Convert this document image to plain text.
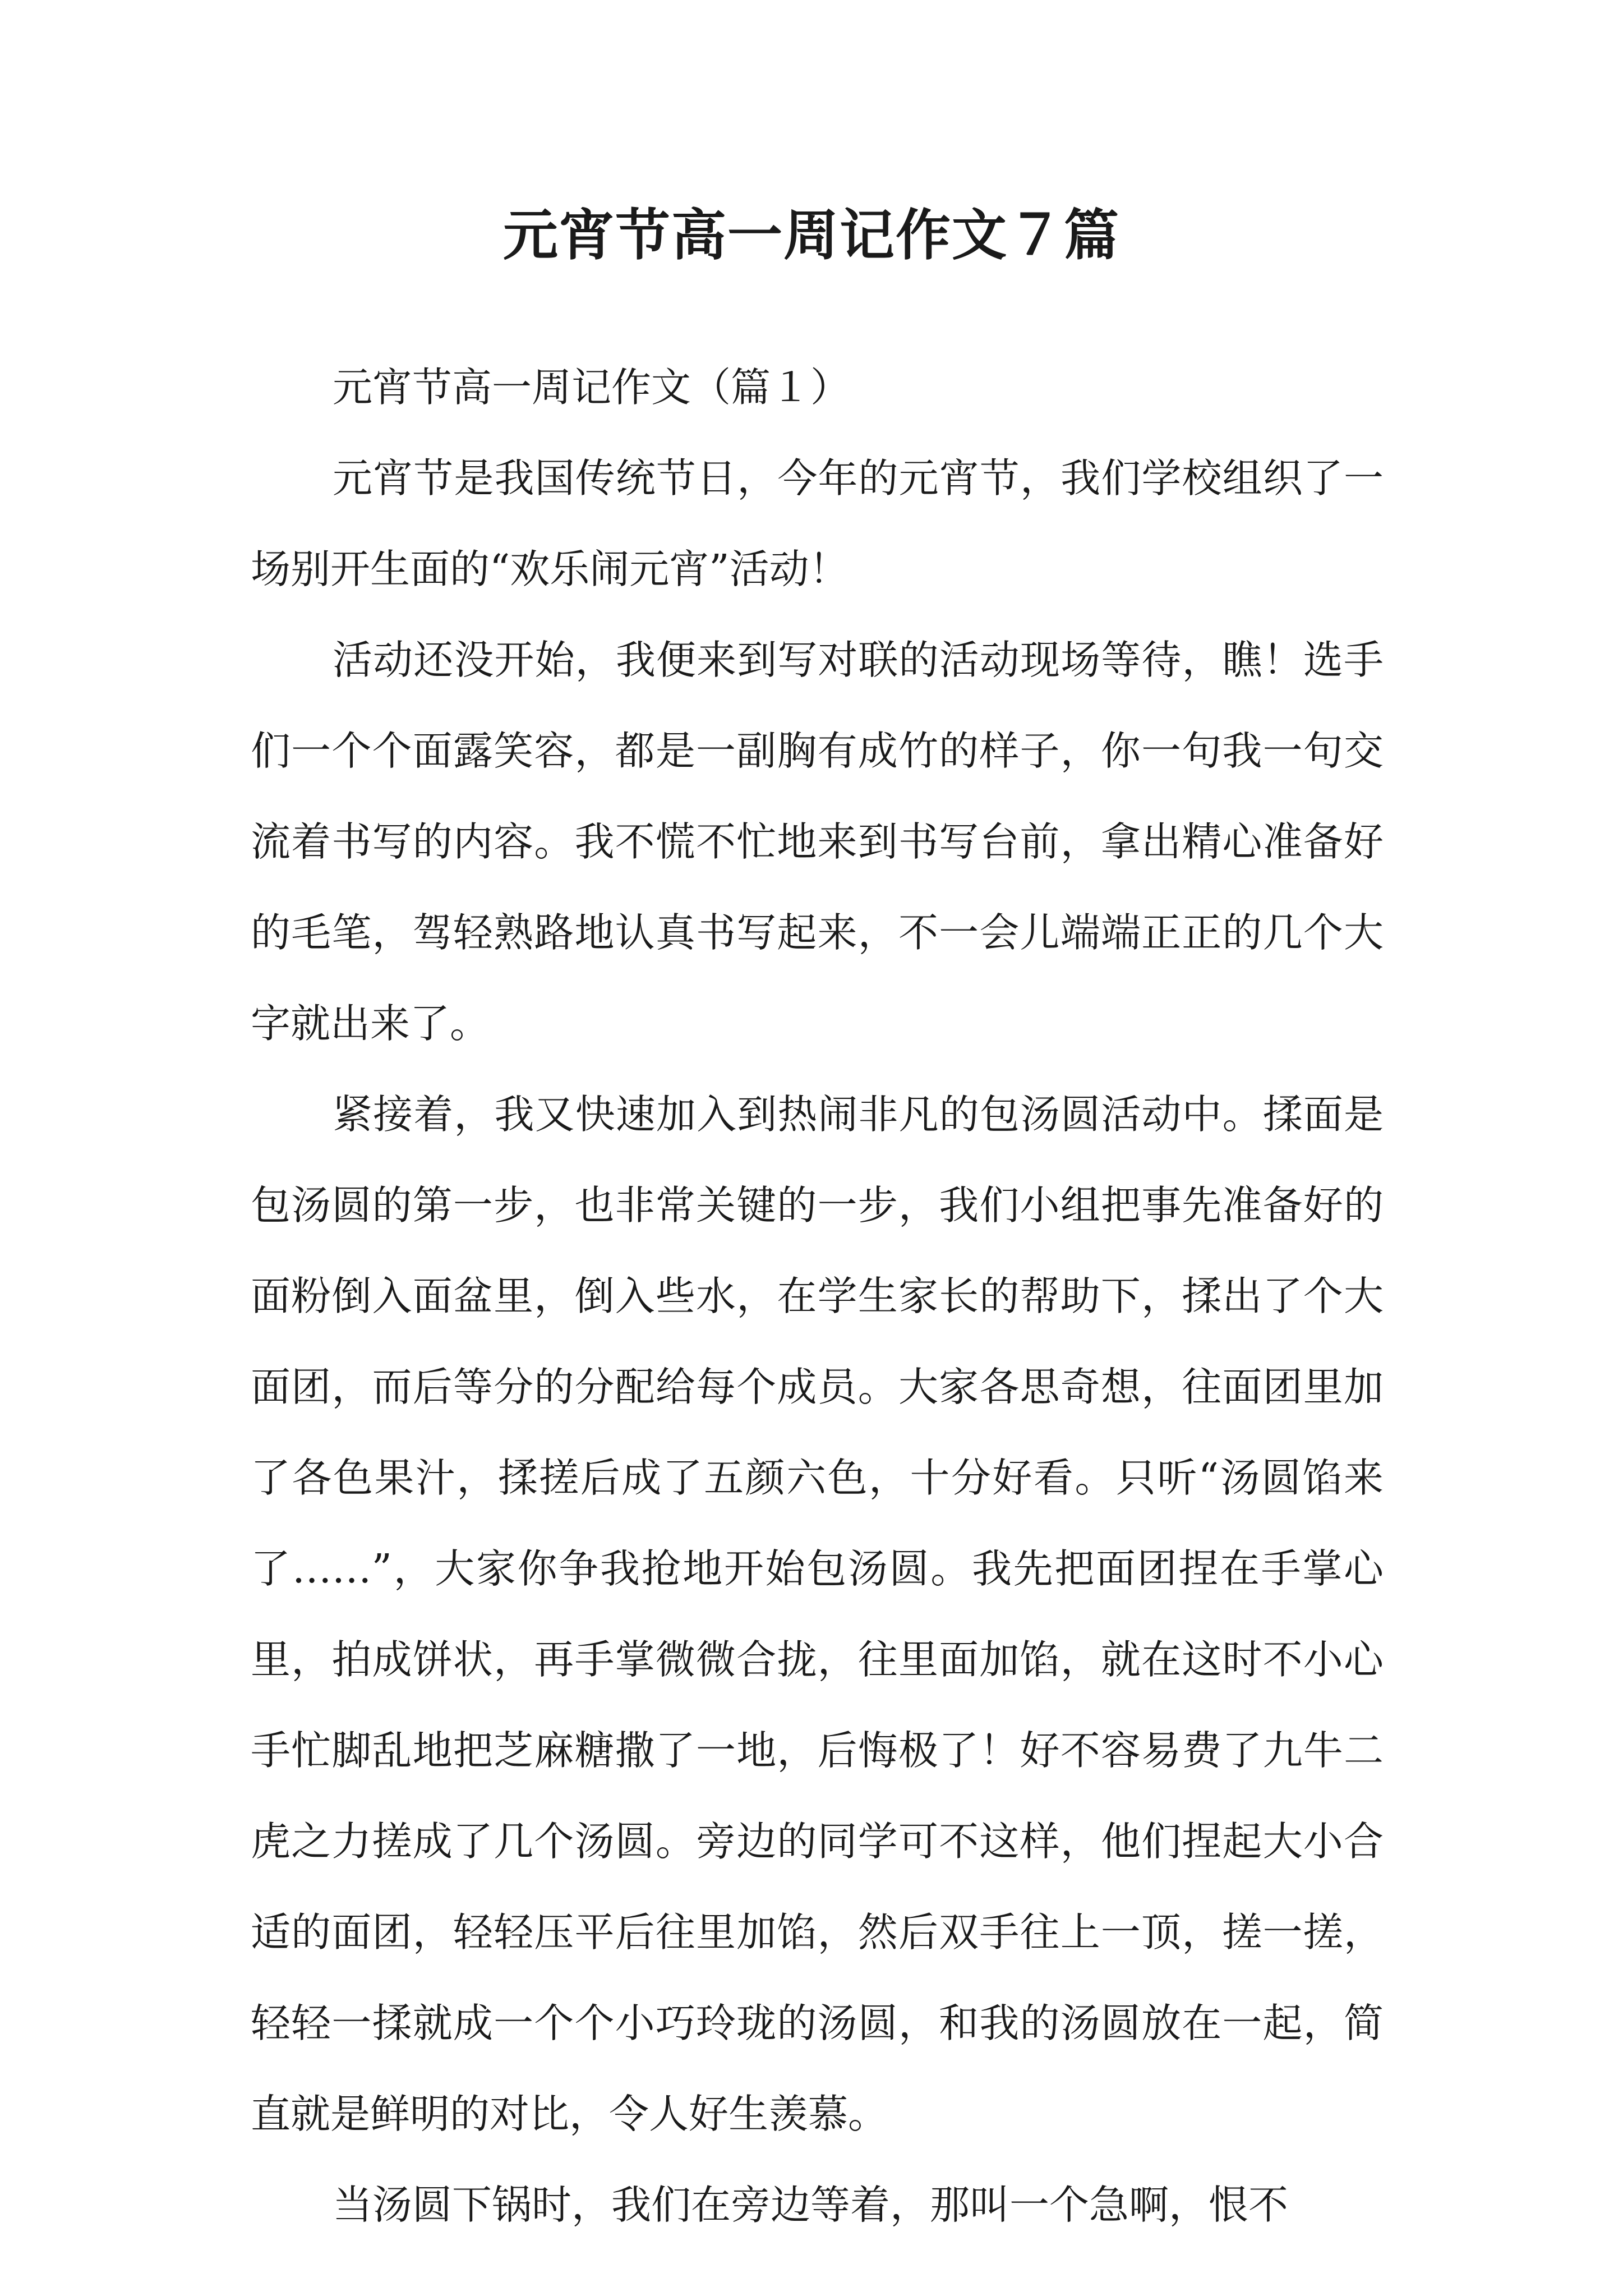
元宵节高一周记作文７篇

元宵节高一周记作文（篇１）

元宵节是我国传统节日，今年的元宵节，我们学校组织了一场别开生面的“欢乐闹元宵”活动！

活动还没开始，我便来到写对联的活动现场等待，瞧！选手们一个个面露笑容，都是一副胸有成竹的样子，你一句我一句交流着书写的内容。我不慌不忙地来到书写台前，拿出精心准备好的毛笔，驾轻熟路地认真书写起来，不一会儿端端正正的几个大字就出来了。

紧接着，我又快速加入到热闹非凡的包汤圆活动中。揉面是包汤圆的第一步，也非常关键的一步，我们小组把事先准备好的面粉倒入面盆里，倒入些水，在学生家长的帮助下，揉出了个大面团，而后等分的分配给每个成员。大家各思奇想，往面团里加了各色果汁，揉搓后成了五颜六色，十分好看。只听“汤圆馅来了……”，大家你争我抢地开始包汤圆。我先把面团捏在手掌心里，拍成饼状，再手掌微微合拢，往里面加馅，就在这时不小心手忙脚乱地把芝麻糖撒了一地，后悔极了！好不容易费了九牛二虎之力搓成了几个汤圆。旁边的同学可不这样，他们捏起大小合适的面团，轻轻压平后往里加馅，然后双手往上一顶，搓一搓，轻轻一揉就成一个个小巧玲珑的汤圆，和我的汤圆放在一起，简直就是鲜明的对比，令人好生羡慕。

当汤圆下锅时，我们在旁边等着，那叫一个急啊，恨不
